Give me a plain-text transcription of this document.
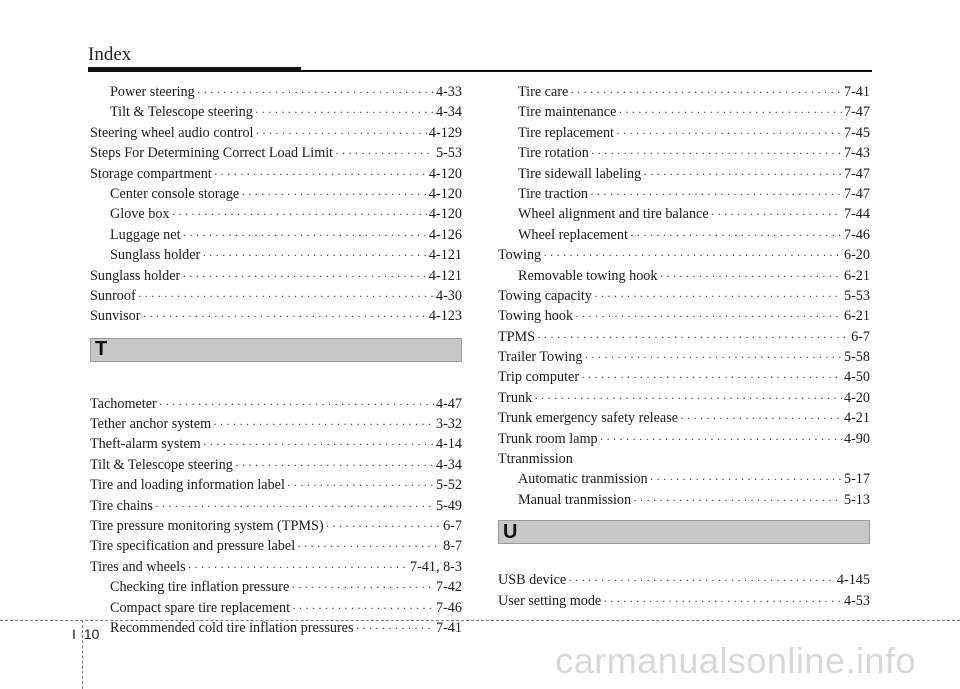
Index
Power steering ·····	4-33
Tilt & Telescope steering ·····	4-34
Steering wheel audio control ·····	4-129
Steps For Determining Correct Load Limit ·····	5-53
Storage compartment ·····	4-120
Center console storage ·····	4-120
Glove box ·····	4-120
Luggage net ·····	4-126
Sunglass holder ·····	4-121
Sunglass holder ·····	4-121
Sunroof ·····	4-30
Sunvisor ·····	4-123
T
Tachometer ·····	4-47
Tether anchor system ·····	3-32
Theft-alarm system ·····	4-14
Tilt & Telescope steering ·····	4-34
Tire and loading information label ·····	5-52
Tire chains ·····	5-49
Tire pressure monitoring system (TPMS) ·····	6-7
Tire specification and pressure label ·····	8-7
Tires and wheels ·····	7-41, 8-3
Checking tire inflation pressure ·····	7-42
Compact spare tire replacement ·····	7-46
Recommended cold tire inflation pressures ·····	7-41
Tire care ·····	7-41
Tire maintenance ·····	7-47
Tire replacement ·····	7-45
Tire rotation ·····	7-43
Tire sidewall labeling ·····	7-47
Tire traction ·····	7-47
Wheel alignment and tire balance ·····	7-44
Wheel replacement ·····	7-46
Towing ·····	6-20
Removable towing hook ·····	6-21
Towing capacity ·····	5-53
Towing hook ·····	6-21
TPMS ·····	6-7
Trailer Towing ·····	5-58
Trip computer ·····	4-50
Trunk ·····	4-20
Trunk emergency safety release ·····	4-21
Trunk room lamp ·····	4-90
Ttranmission
Automatic tranmission ·····	5-17
Manual tranmission ·····	5-13
U
USB device ·····	4-145
User setting mode ·····	4-53
I 10
carmanualsonline.info
